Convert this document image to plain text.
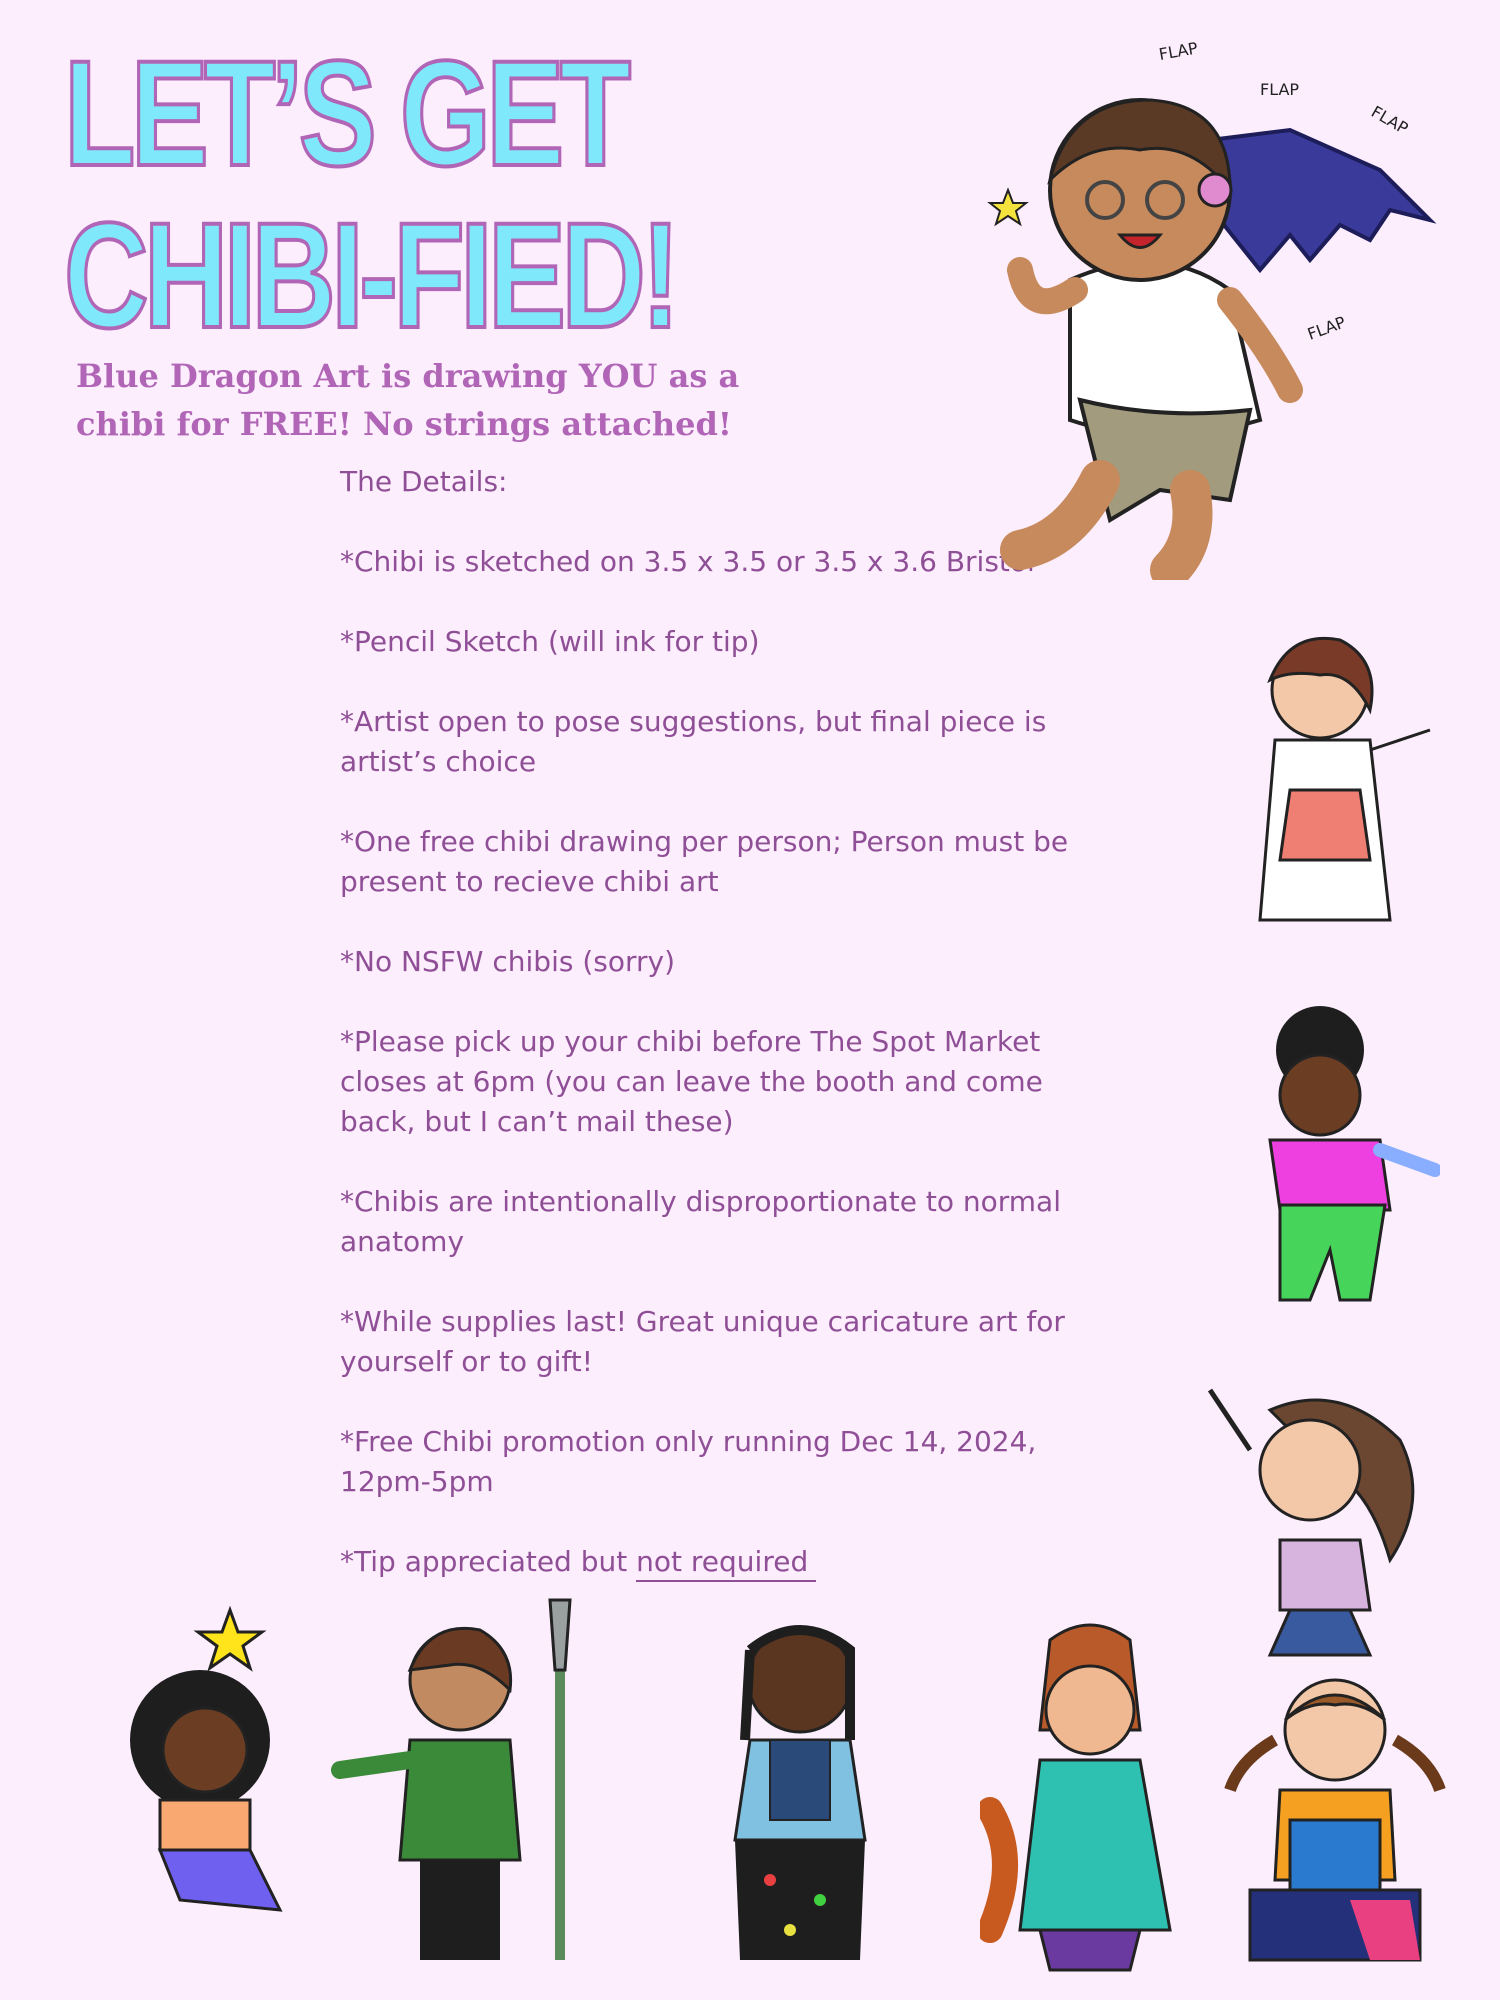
LET’S GET
CHIBI-FIED!
Blue Dragon Art is drawing YOU as a
chibi for FREE! No strings attached!

The Details:

*Chibi is sketched on 3.5 x 3.5 or 3.5 x 3.6 Bristol

*Pencil Sketch (will ink for tip)

*Artist open to pose suggestions, but final piece is artist’s choice

*One free chibi drawing per person; Person must be present to recieve chibi art

*No NSFW chibis (sorry)

*Please pick up your chibi before The Spot Market closes at 6pm (you can leave the booth and come back, but I can’t mail these)

*Chibis are intentionally disproportionate to normal anatomy

*While supplies last! Great unique caricature art for yourself or to gift!

*Free Chibi promotion only running Dec 14, 2024, 12pm-5pm

*Tip appreciated but not required

FLAP
FLAP
FLAP
FLAP
